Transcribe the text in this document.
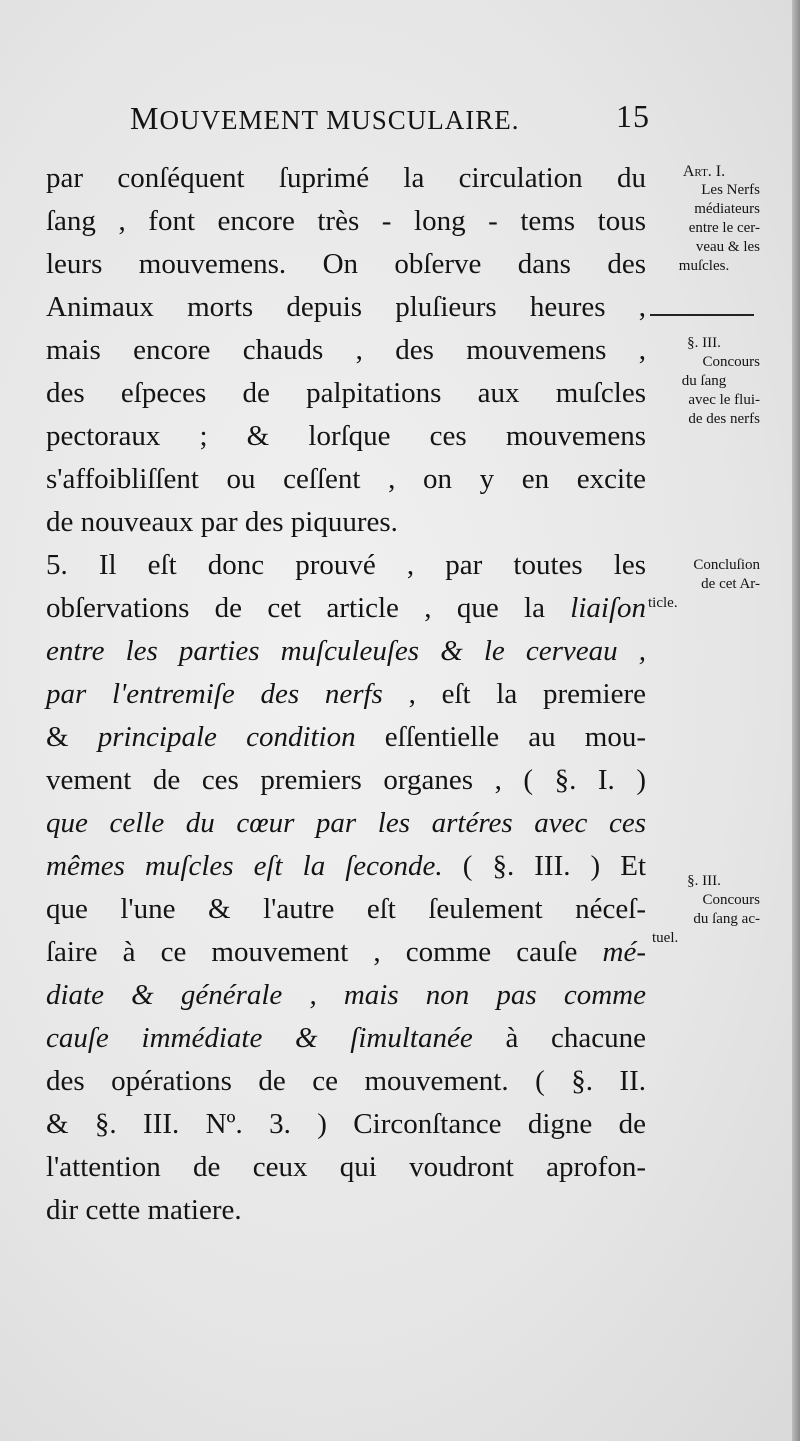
MOUVEMENT MUSCULAIRE.	15
par conſéquent ſuprimé la circulation du
ſang , font encore très - long - tems tous
leurs mouvemens. On obſerve dans des
Animaux morts depuis pluſieurs heures ,
mais encore chauds , des mouvemens ,
des eſpeces de palpitations aux muſcles
pectoraux ; & lorſque ces mouvemens
s'affoibliſſent ou ceſſent , on y en excite
de nouveaux par des piquures.
5. Il eſt donc prouvé , par toutes les
obſervations de cet article , que la liaiſon
entre les parties muſculeuſes & le cerveau ,
par l'entremiſe des nerfs , eſt la premiere
& principale condition eſſentielle au mou-
vement de ces premiers organes , ( §. I. )
que celle du cœur par les artéres avec ces
mêmes muſcles eſt la ſeconde. ( §. III. ) Et
que l'une & l'autre eſt ſeulement néceſ-
ſaire à ce mouvement , comme cauſe mé-
diate & générale , mais non pas comme
cauſe immédiate & ſimultanée à chacune
des opérations de ce mouvement. ( §. II.
& §. III. Nº. 3. ) Circonſtance digne de
l'attention de ceux qui voudront aprofon-
dir cette matiere.
Art. I.
Les Nerfs
médiateurs
entre le cer-
veau & les
muſcles.
§. III.
Concours
du ſang
avec le flui-
de des nerfs
Concluſion
de cet Ar-
ticle.
§. III.
Concours
du ſang ac-
tuel.
